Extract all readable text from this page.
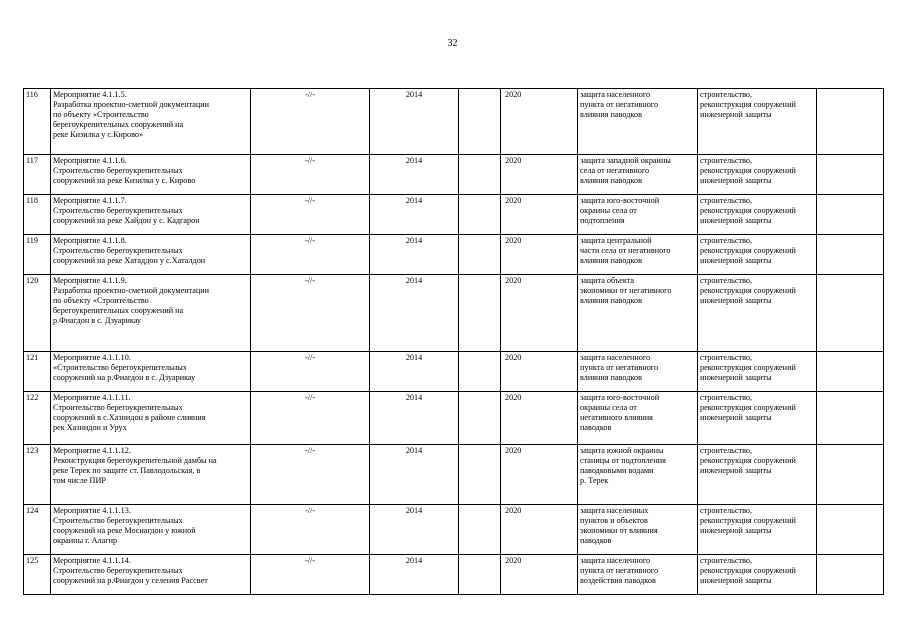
32
116	Мероприятие 4.1.1.5.
Разработка проектно-сметной документации
по объекту «Строительство
берегоукрепительных сооружений на
реке Кизилка у с.Кирово»	-//-	2014		2020	защита населенного
пункта от негативного
влияния паводков	строительство,
реконструкция сооружений
инженерной защиты	

117	Мероприятие 4.1.1.6.
Строительство берегоукрепительных
сооружений на реке Кизилка у с. Кирово	-//-	2014		2020	защита западной окраины
села от негативного
влияния паводков	строительство,
реконструкция сооружений
инженерной защиты	

118	Мероприятие 4.1.1.7.
Строительство берегоукрепительных
сооружений на реке Хайдон у с. Кадгарон	-//-	2014		2020	защита юго-восточной
окраины села от
подтопления	строительство,
реконструкция сооружений
инженерной защиты	

119	Мероприятие 4.1.1.8.
Строительство берегоукрепительных
сооружений на реке Хатаддон у с.Хаталдон	-//-	2014		2020	защита центральной
части села от негативного
влияния паводков	строительство,
реконструкция сооружений
инженерной защиты	

120	Мероприятие 4.1.1.9.
Разработка проектно-сметной документации
по объекту «Строительство
берегоукрепительных сооружений на
р.Фиагдон в с. Дзуарикау	-//-	2014		2020	защита объекта
экономики от негативного
влияния паводков	строительство,
реконструкция сооружений
инженерной защиты	

121	Мероприятие 4.1.1.10.
«Строительство берегоукрепительных
сооружений на р.Фиагдон в с. Дзуарикау	-//-	2014		2020	защита населенного
пункта от негативного
влияния паводков	строительство,
реконструкция сооружений
инженерной защиты	

122	Мероприятие 4.1.1.11.
Строительство берегоукрепительных
сооружений в с.Хазнидон в районе слияния
рек Хазнидон и Урух	-//-	2014		2020	защита юго-восточной
окраины села от
негативного влияния
паводков	строительство,
реконструкция сооружений
инженерной защиты	

123	Мероприятие 4.1.1.12.
Реконструкция берегоукрепительной дамбы на
реке Терек по защите ст. Павлодольская, в
том числе ПИР	-//-	2014		2020	защита южной окраины
станицы от подтопления
паводковыми водами
р. Терек	строительство,
реконструкция сооружений
инженерной защиты	

124	Мероприятие 4.1.1.13.
Строительство берегоукрепительных
сооружений на реке Мосиагдон у южной
окраины г. Алагир	-//-	2014		2020	защита населенных
пунктов и объектов
экономики от влияния
паводков	строительство,
реконструкция сооружений
инженерной защиты	

125	Мероприятие 4.1.1.14.
Строительство берегоукрепительных
сооружений на р.Фиагдон у селения Рассвет	-//-	2014		2020	защита населенного
пункта от негативного
воздействия паводков	строительство,
реконструкция сооружений
инженерной защиты	
